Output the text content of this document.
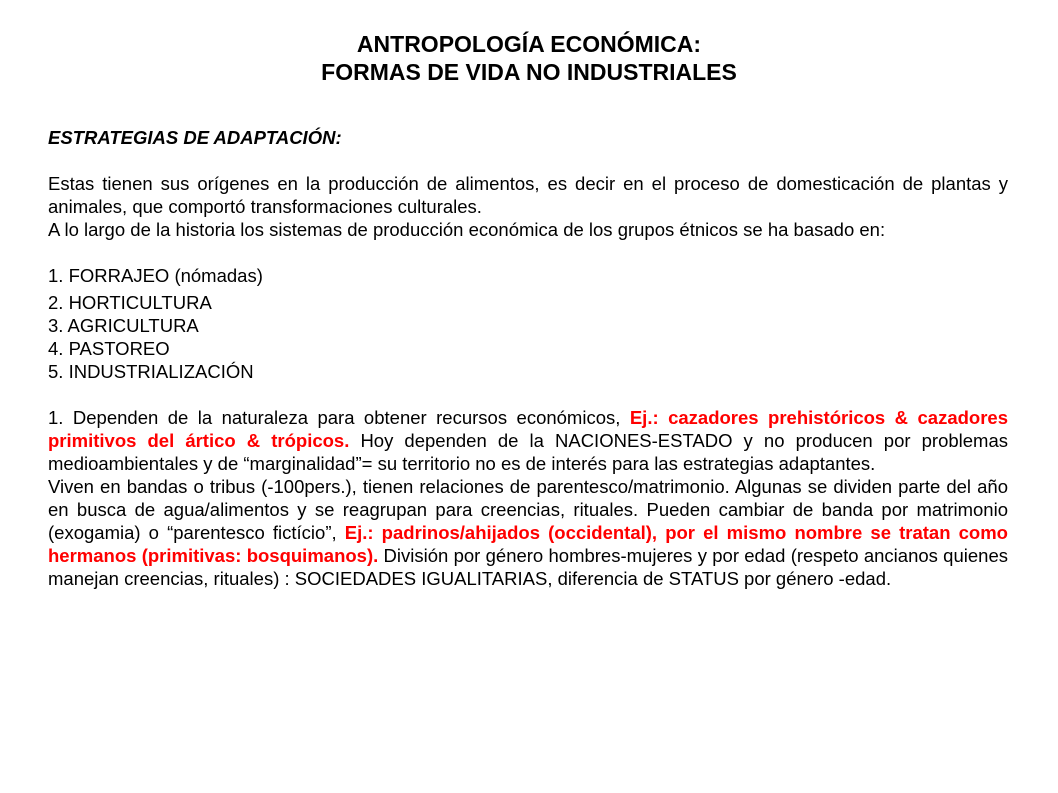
ANTROPOLOGÍA ECONÓMICA:
FORMAS DE VIDA NO INDUSTRIALES
ESTRATEGIAS DE ADAPTACIÓN:

Estas tienen sus orígenes en la producción de alimentos, es decir en el proceso de domesticación de plantas y animales, que comportó transformaciones culturales.

A lo largo de la historia los sistemas de producción económica de los grupos étnicos se ha basado en:

1. FORRAJEO (nómadas)
2. HORTICULTURA
3. AGRICULTURA
4. PASTOREO
5. INDUSTRIALIZACIÓN

1. Dependen de la naturaleza para obtener recursos económicos, Ej.: cazadores prehistóricos & cazadores primitivos del ártico & trópicos. Hoy dependen de la NACIONES-ESTADO y no producen por problemas medioambientales y de “marginalidad”= su territorio no es de interés para las estrategias adaptantes.

Viven en bandas o tribus (-100pers.), tienen relaciones de parentesco/matrimonio. Algunas se dividen parte del año en busca de agua/alimentos y se reagrupan para creencias, rituales. Pueden cambiar de banda por matrimonio (exogamia) o “parentesco fictício”, Ej.: padrinos/ahijados (occidental), por el mismo nombre se tratan como hermanos (primitivas: bosquimanos). División por género hombres-mujeres y por edad (respeto ancianos quienes manejan creencias, rituales) : SOCIEDADES IGUALITARIAS, diferencia de STATUS por género -edad.
